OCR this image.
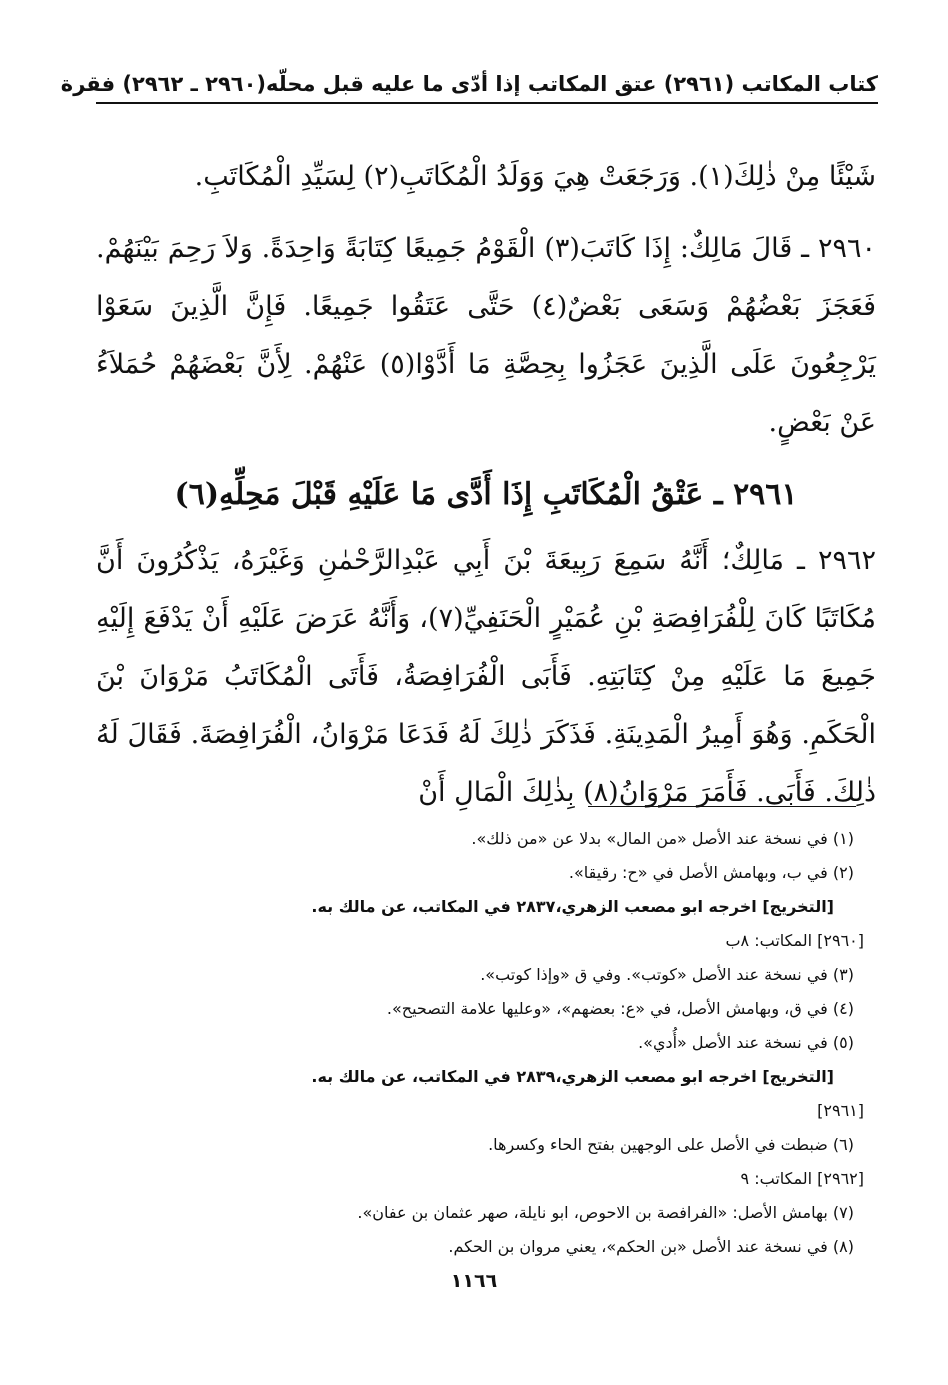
كتاب المكاتب (٢٩٦١) عتق المكاتب إذا أدّى ما عليه قبل محلّه
(٢٩٦٠ ـ ٢٩٦٢) فقرة

شَيْئًا مِنْ ذٰلِكَ(١). وَرَجَعَتْ هِيَ وَوَلَدُ الْمُكَاتَبِ(٢) لِسَيِّدِ الْمُكَاتَبِ.

٢٩٦٠ ـ قَالَ مَالِكٌ: إِذَا كَاتَبَ(٣) الْقَوْمُ جَمِيعًا كِتَابَةً وَاحِدَةً. وَلاَ رَحِمَ بَيْنَهُمْ. فَعَجَزَ بَعْضُهُمْ وَسَعَى بَعْضٌ(٤) حَتَّى عَتَقُوا جَمِيعًا. فَإِنَّ الَّذِينَ سَعَوْا يَرْجِعُونَ عَلَى الَّذِينَ عَجَزُوا بِحِصَّةِ مَا أَدَّوْا(٥) عَنْهُمْ. لِأَنَّ بَعْضَهُمْ حُمَلاَءُ عَنْ بَعْضٍ.

٢٩٦١ ـ عَتْقُ الْمُكَاتَبِ إِذَا أَدَّى مَا عَلَيْهِ قَبْلَ مَحِلِّهِ(٦)

٢٩٦٢ ـ مَالِكٌ؛ أَنَّهُ سَمِعَ رَبِيعَةَ بْنَ أَبِي عَبْدِالرَّحْمٰنِ وَغَيْرَهُ، يَذْكُرُونَ أَنَّ مُكَاتَبًا كَانَ لِلْفُرَافِصَةِ بْنِ عُمَيْرٍ الْحَنَفِيِّ(٧)، وَأَنَّهُ عَرَضَ عَلَيْهِ أَنْ يَدْفَعَ إِلَيْهِ جَمِيعَ مَا عَلَيْهِ مِنْ كِتَابَتِهِ. فَأَبَى الْفُرَافِصَةُ، فَأَتَى الْمُكَاتَبُ مَرْوَانَ بْنَ الْحَكَمِ. وَهُوَ أَمِيرُ الْمَدِينَةِ. فَذَكَرَ ذٰلِكَ لَهُ فَدَعَا مَرْوَانُ، الْفُرَافِصَةَ. فَقَالَ لَهُ ذٰلِكَ. فَأَبَى. فَأَمَرَ مَرْوَانُ(٨) بِذٰلِكَ الْمَالِ أَنْ

(١) في نسخة عند الأصل «من المال» بدلا عن «من ذلك».

(٢) في ب، وبهامش الأصل في «ح: رقيقا».

[التخريج] اخرجه ابو مصعب الزهري،٢٨٣٧ في المكاتب، عن مالك به.

[٢٩٦٠] المكاتب: ٨ب

(٣) في نسخة عند الأصل «كوتب». وفي ق «وإذا كوتب».

(٤) في ق، وبهامش الأصل، في «ع: بعضهم»، «وعليها علامة التصحيح».

(٥) في نسخة عند الأصل «أُدي».

[التخريج] اخرجه ابو مصعب الزهري،٢٨٣٩ في المكاتب، عن مالك به.

[٢٩٦١]

(٦) ضبطت في الأصل على الوجهين بفتح الحاء وكسرها.

[٢٩٦٢] المكاتب: ٩

(٧) بهامش الأصل: «الفرافصة بن الاحوص، ابو نايلة، صهر عثمان بن عفان».

(٨) في نسخة عند الأصل «بن الحكم»، يعني مروان بن الحكم.

١١٦٦
